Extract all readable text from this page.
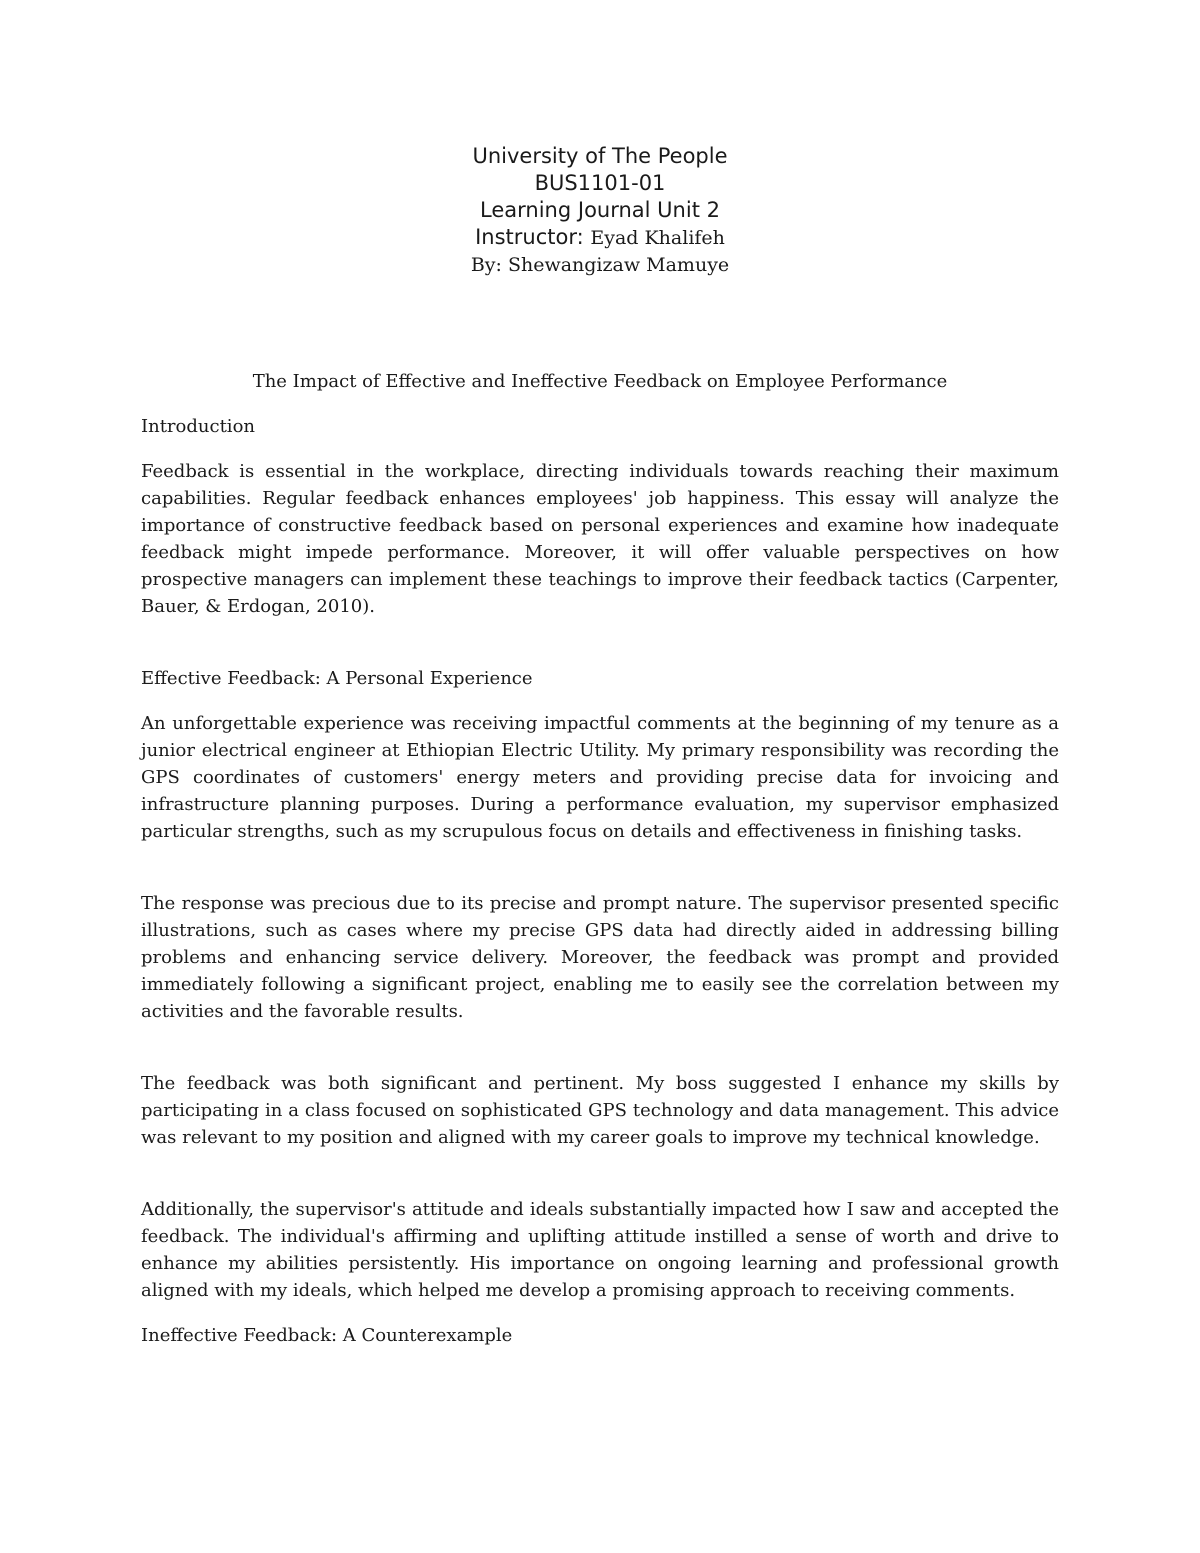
University of The People

BUS1101-01

Learning Journal Unit 2

Instructor: Eyad Khalifeh

By: Shewangizaw Mamuye

The Impact of Effective and Ineffective Feedback on Employee Performance

Introduction

Feedback is essential in the workplace, directing individuals towards reaching their maximum capabilities. Regular feedback enhances employees' job happiness. This essay will analyze the importance of constructive feedback based on personal experiences and examine how inadequate feedback might impede performance. Moreover, it will offer valuable perspectives on how prospective managers can implement these teachings to improve their feedback tactics (Carpenter, Bauer, & Erdogan, 2010).

Effective Feedback: A Personal Experience

An unforgettable experience was receiving impactful comments at the beginning of my tenure as a junior electrical engineer at Ethiopian Electric Utility. My primary responsibility was recording the GPS coordinates of customers' energy meters and providing precise data for invoicing and infrastructure planning purposes. During a performance evaluation, my supervisor emphasized particular strengths, such as my scrupulous focus on details and effectiveness in finishing tasks.

The response was precious due to its precise and prompt nature. The supervisor presented specific illustrations, such as cases where my precise GPS data had directly aided in addressing billing problems and enhancing service delivery. Moreover, the feedback was prompt and provided immediately following a significant project, enabling me to easily see the correlation between my activities and the favorable results.

The feedback was both significant and pertinent. My boss suggested I enhance my skills by participating in a class focused on sophisticated GPS technology and data management. This advice was relevant to my position and aligned with my career goals to improve my technical knowledge.

Additionally, the supervisor's attitude and ideals substantially impacted how I saw and accepted the feedback. The individual's affirming and uplifting attitude instilled a sense of worth and drive to enhance my abilities persistently. His importance on ongoing learning and professional growth aligned with my ideals, which helped me develop a promising approach to receiving comments.

Ineffective Feedback: A Counterexample
